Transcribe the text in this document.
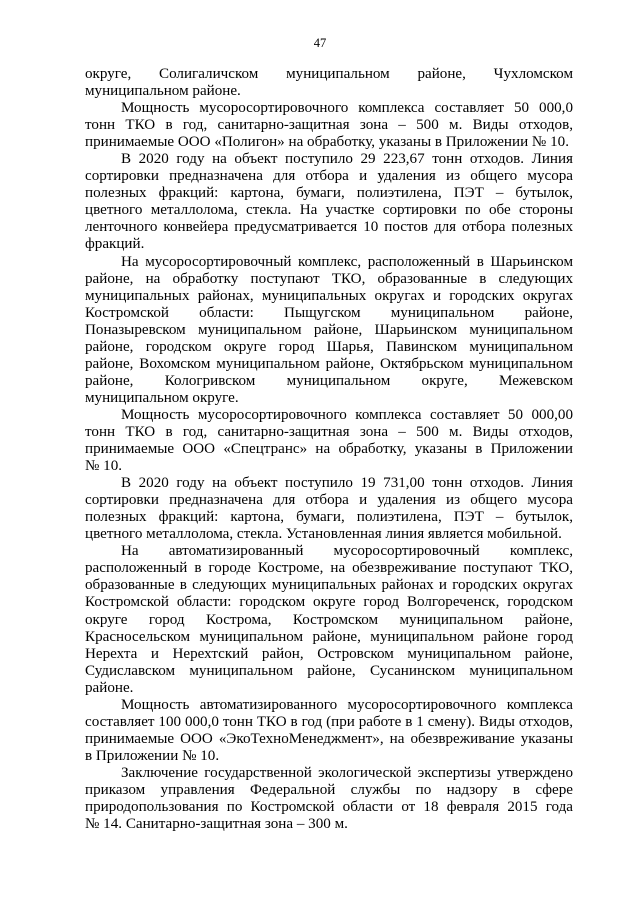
47
округе, Солигаличском муниципальном районе, Чухломском
муниципальном районе.
Мощность мусоросортировочного комплекса составляет 50 000,0
тонн ТКО в год, санитарно-защитная зона – 500 м. Виды отходов,
принимаемые ООО «Полигон» на обработку, указаны в Приложении № 10.
В 2020 году на объект поступило 29 223,67 тонн отходов. Линия
сортировки предназначена для отбора и удаления из общего мусора
полезных фракций: картона, бумаги, полиэтилена, ПЭТ – бутылок,
цветного металлолома, стекла. На участке сортировки по обе стороны
ленточного конвейера предусматривается 10 постов для отбора полезных
фракций.
На мусоросортировочный комплекс, расположенный в Шарьинском
районе, на обработку поступают ТКО, образованные в следующих
муниципальных районах, муниципальных округах и городских округах
Костромской области: Пыщугском муниципальном районе,
Поназыревском муниципальном районе, Шарьинском муниципальном
районе, городском округе город Шарья, Павинском муниципальном
районе, Вохомском муниципальном районе, Октябрьском муниципальном
районе, Кологривском муниципальном округе, Межевском
муниципальном округе.
Мощность мусоросортировочного комплекса составляет 50 000,00
тонн ТКО в год, санитарно-защитная зона – 500 м. Виды отходов,
принимаемые ООО «Спецтранс» на обработку, указаны в Приложении
№ 10.
В 2020 году на объект поступило 19 731,00 тонн отходов. Линия
сортировки предназначена для отбора и удаления из общего мусора
полезных фракций: картона, бумаги, полиэтилена, ПЭТ – бутылок,
цветного металлолома, стекла. Установленная линия является мобильной.
На автоматизированный мусоросортировочный комплекс,
расположенный в городе Костроме, на обезвреживание поступают ТКО,
образованные в следующих муниципальных районах и городских округах
Костромской области: городском округе город Волгореченск, городском
округе город Кострома, Костромском муниципальном районе,
Красносельском муниципальном районе, муниципальном районе город
Нерехта и Нерехтский район, Островском муниципальном районе,
Судиславском муниципальном районе, Сусанинском муниципальном
районе.
Мощность автоматизированного мусоросортировочного комплекса
составляет 100 000,0 тонн ТКО в год (при работе в 1 смену). Виды отходов,
принимаемые ООО «ЭкоТехноМенеджмент», на обезвреживание указаны
в Приложении № 10.
Заключение государственной экологической экспертизы утверждено
приказом управления Федеральной службы по надзору в сфере
природопользования по Костромской области от 18 февраля 2015 года
№ 14. Санитарно-защитная зона – 300 м.
